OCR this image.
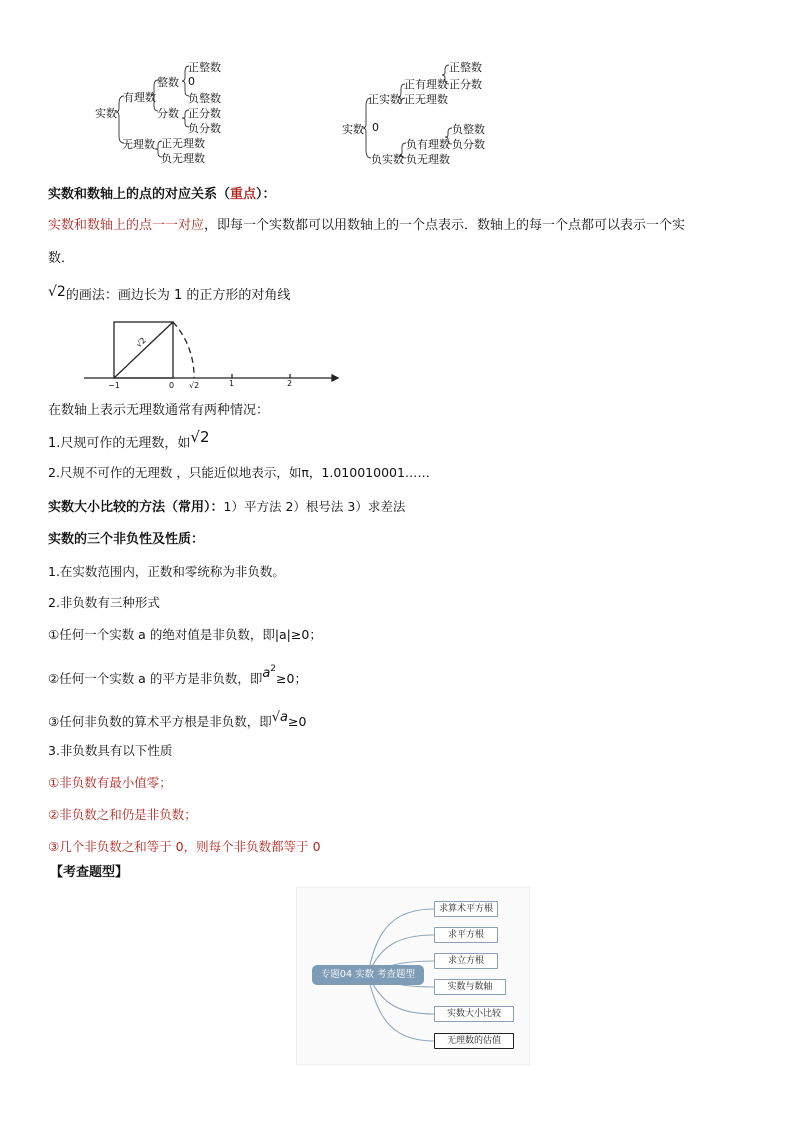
实数
有理数
整数
正整数
0
负整数
分数 正分数
负分数
无理数 正无理数
负无理数
实数
正实数
正有理数
正整数
正分数
正无理数
0
负有理数
负整数
负分数
负实数 负无理数
实数和数轴上的点的对应关系（重点）：
实数和数轴上的点一一对应，即每一个实数都可以用数轴上的一个点表示．数轴上的每一个点都可以表示一个实
数．
√2的画法：画边长为 1 的正方形的对角线
−1	0 √2	1	2
√2
在数轴上表示无理数通常有两种情况：
1.尺规可作的无理数，如√2
2.尺规不可作的无理数 ，只能近似地表示，如π，1.010010001……
实数大小比较的方法（常用）：1）平方法 2）根号法 3）求差法
实数的三个非负性及性质：
1.在实数范围内，正数和零统称为非负数。
2.非负数有三种形式
①任何一个实数 a 的绝对值是非负数，即|a|≥0；
②任何一个实数 a 的平方是非负数，即$a^2\ge 0$；
③任何非负数的算术平方根是非负数，即√a≥0
3.非负数具有以下性质
①非负数有最小值零；
②非负数之和仍是非负数；
③几个非负数之和等于 0，则每个非负数都等于 0
【考查题型】
专题04 实数 考查题型
求算术平方根
求平方根
求立方根
实数与数轴
实数大小比较
无理数的估值
